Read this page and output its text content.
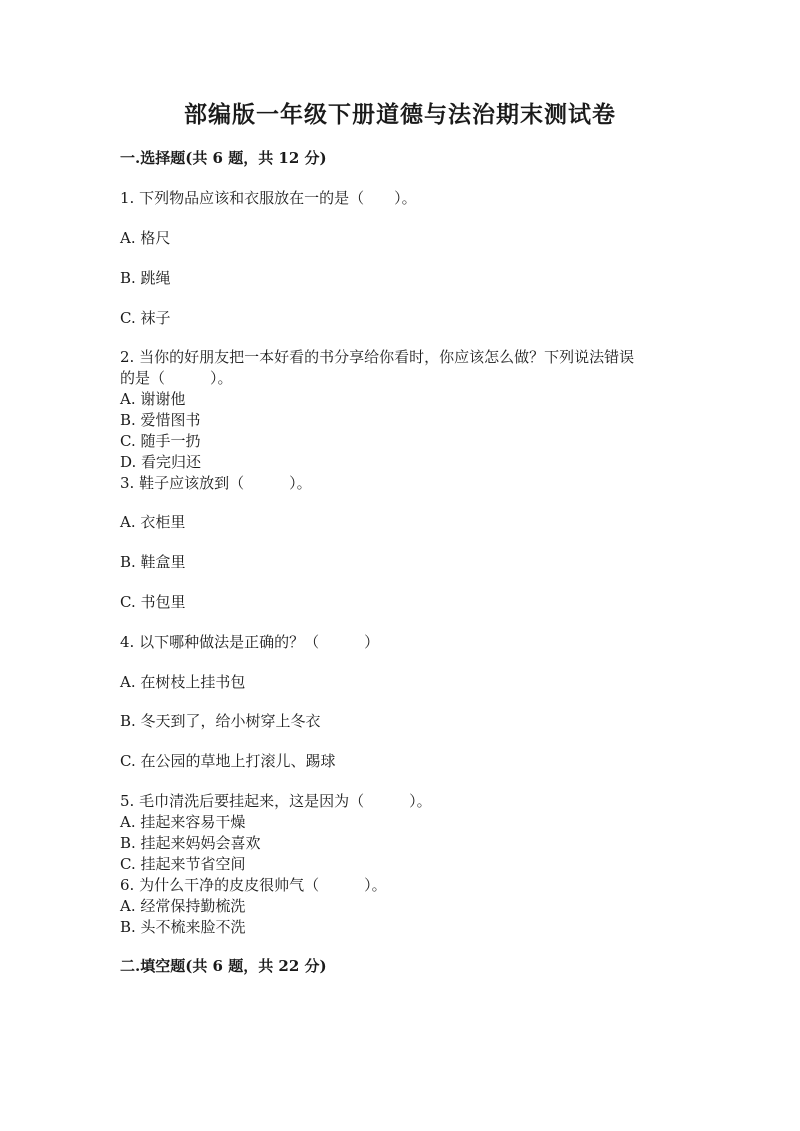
部编版一年级下册道德与法治期末测试卷
一.选择题(共 6 题，共 12 分)
1. 下列物品应该和衣服放在一的是（　　）。
A. 格尺
B. 跳绳
C. 袜子
2. 当你的好朋友把一本好看的书分享给你看时，你应该怎么做？下列说法错误
的是（　　　）。
A. 谢谢他
B. 爱惜图书
C. 随手一扔
D. 看完归还
3. 鞋子应该放到（　　　）。
A. 衣柜里
B. 鞋盒里
C. 书包里
4. 以下哪种做法是正确的？（　　　）
A. 在树枝上挂书包
B. 冬天到了，给小树穿上冬衣
C. 在公园的草地上打滚儿、踢球
5. 毛巾清洗后要挂起来，这是因为（　　　）。
A. 挂起来容易干燥
B. 挂起来妈妈会喜欢
C. 挂起来节省空间
6. 为什么干净的皮皮很帅气（　　　）。
A. 经常保持勤梳洗
B. 头不梳来脸不洗
二.填空题(共 6 题，共 22 分)
